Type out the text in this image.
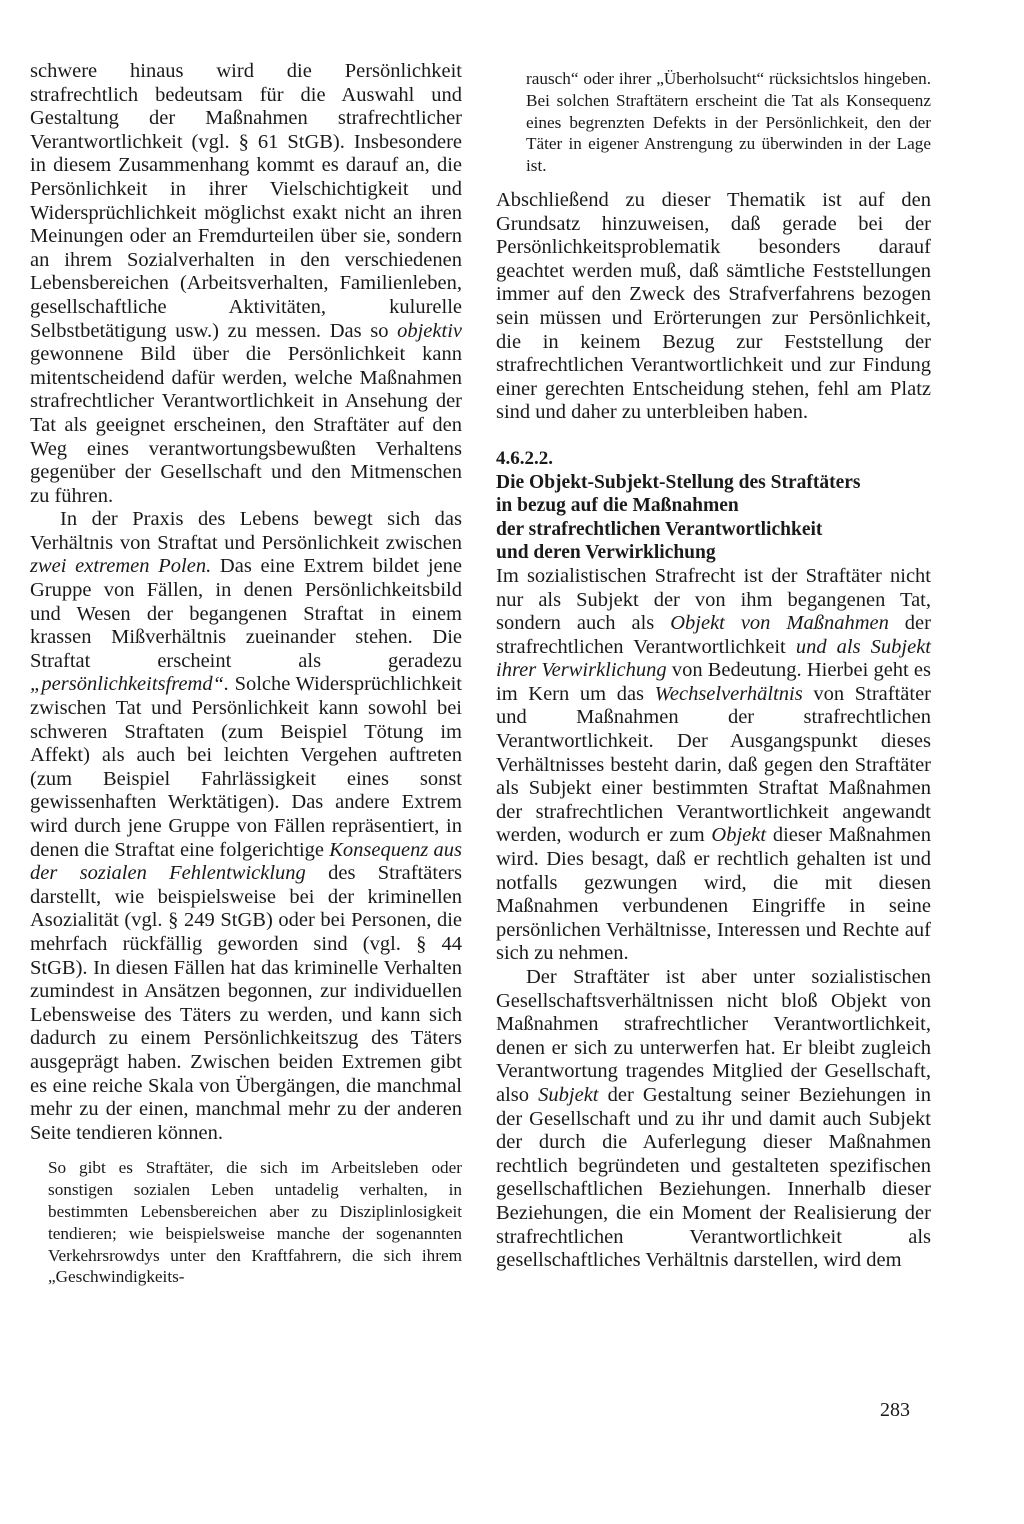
schwere hinaus wird die Persönlichkeit strafrechtlich bedeutsam für die Auswahl und Gestaltung der Maßnahmen strafrechtlicher Verantwortlichkeit (vgl. § 61 StGB). Insbesondere in diesem Zusammenhang kommt es darauf an, die Persönlichkeit in ihrer Vielschichtigkeit und Widersprüchlichkeit möglichst exakt nicht an ihren Meinungen oder an Fremdurteilen über sie, sondern an ihrem Sozialverhalten in den verschiedenen Lebensbereichen (Arbeitsverhalten, Familienleben, gesellschaftliche Aktivitäten, kulurelle Selbstbetätigung usw.) zu messen. Das so objektiv gewonnene Bild über die Persönlichkeit kann mitentscheidend dafür werden, welche Maßnahmen strafrechtlicher Verantwortlichkeit in Ansehung der Tat als geeignet erscheinen, den Straftäter auf den Weg eines verantwortungsbewußten Verhaltens gegenüber der Gesellschaft und den Mitmenschen zu führen.

In der Praxis des Lebens bewegt sich das Verhältnis von Straftat und Persönlichkeit zwischen zwei extremen Polen. Das eine Extrem bildet jene Gruppe von Fällen, in denen Persönlichkeitsbild und Wesen der begangenen Straftat in einem krassen Mißverhältnis zueinander stehen. Die Straftat erscheint als geradezu „persönlichkeitsfremd“. Solche Widersprüchlichkeit zwischen Tat und Persönlichkeit kann sowohl bei schweren Straftaten (zum Beispiel Tötung im Affekt) als auch bei leichten Vergehen auftreten (zum Beispiel Fahrlässigkeit eines sonst gewissenhaften Werktätigen). Das andere Extrem wird durch jene Gruppe von Fällen repräsentiert, in denen die Straftat eine folgerichtige Konsequenz aus der sozialen Fehlentwicklung des Straftäters darstellt, wie beispielsweise bei der kriminellen Asozialität (vgl. § 249 StGB) oder bei Personen, die mehrfach rückfällig geworden sind (vgl. § 44 StGB). In diesen Fällen hat das kriminelle Verhalten zumindest in Ansätzen begonnen, zur individuellen Lebensweise des Täters zu werden, und kann sich dadurch zu einem Persönlichkeitszug des Täters ausgeprägt haben. Zwischen beiden Extremen gibt es eine reiche Skala von Übergängen, die manchmal mehr zu der einen, manchmal mehr zu der anderen Seite tendieren können.

So gibt es Straftäter, die sich im Arbeitsleben oder sonstigen sozialen Leben untadelig verhalten, in bestimmten Lebensbereichen aber zu Disziplinlosigkeit tendieren; wie beispielsweise manche der sogenannten Verkehrsrowdys unter den Kraftfahrern, die sich ihrem „Geschwindigkeits-

rausch“ oder ihrer „Überholsucht“ rücksichtslos hingeben. Bei solchen Straftätern erscheint die Tat als Konsequenz eines begrenzten Defekts in der Persönlichkeit, den der Täter in eigener Anstrengung zu überwinden in der Lage ist.

Abschließend zu dieser Thematik ist auf den Grundsatz hinzuweisen, daß gerade bei der Persönlichkeitsproblematik besonders darauf geachtet werden muß, daß sämtliche Feststellungen immer auf den Zweck des Strafverfahrens bezogen sein müssen und Erörterungen zur Persönlichkeit, die in keinem Bezug zur Feststellung der strafrechtlichen Verantwortlichkeit und zur Findung einer gerechten Entscheidung stehen, fehl am Platz sind und daher zu unterbleiben haben.

4.6.2.2.

Die Objekt-Subjekt-Stellung des Straftäters

in bezug auf die Maßnahmen

der strafrechtlichen Verantwortlichkeit

und deren Verwirklichung

Im sozialistischen Strafrecht ist der Straftäter nicht nur als Subjekt der von ihm begangenen Tat, sondern auch als Objekt von Maßnahmen der strafrechtlichen Verantwortlichkeit und als Subjekt ihrer Verwirklichung von Bedeutung. Hierbei geht es im Kern um das Wechselverhältnis von Straftäter und Maßnahmen der strafrechtlichen Verantwortlichkeit. Der Ausgangspunkt dieses Verhältnisses besteht darin, daß gegen den Straftäter als Subjekt einer bestimmten Straftat Maßnahmen der strafrechtlichen Verantwortlichkeit angewandt werden, wodurch er zum Objekt dieser Maßnahmen wird. Dies besagt, daß er rechtlich gehalten ist und notfalls gezwungen wird, die mit diesen Maßnahmen verbundenen Eingriffe in seine persönlichen Verhältnisse, Interessen und Rechte auf sich zu nehmen.

Der Straftäter ist aber unter sozialistischen Gesellschaftsverhältnissen nicht bloß Objekt von Maßnahmen strafrechtlicher Verantwortlichkeit, denen er sich zu unterwerfen hat. Er bleibt zugleich Verantwortung tragendes Mitglied der Gesellschaft, also Subjekt der Gestaltung seiner Beziehungen in der Gesellschaft und zu ihr und damit auch Subjekt der durch die Auferlegung dieser Maßnahmen rechtlich begründeten und gestalteten spezifischen gesellschaftlichen Beziehungen. Innerhalb dieser Beziehungen, die ein Moment der Realisierung der strafrechtlichen Verantwortlichkeit als gesellschaftliches Verhältnis darstellen, wird dem

283
